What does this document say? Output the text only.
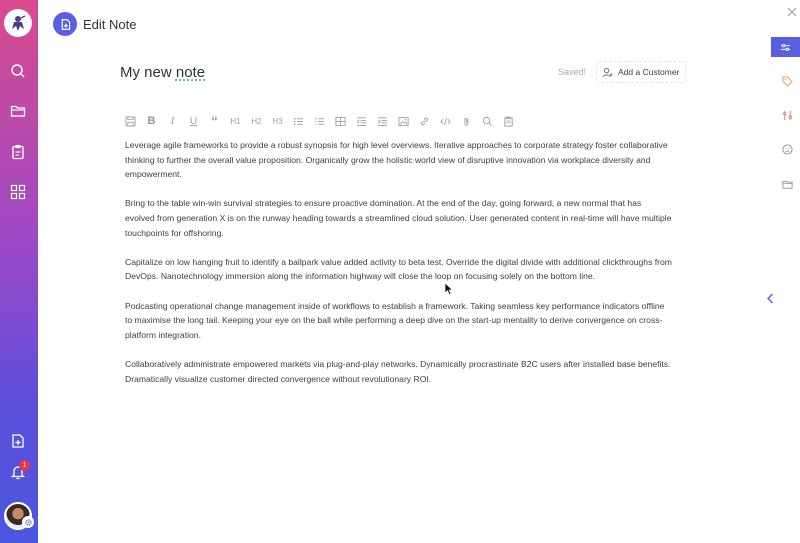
1
Edit Note
My new note	Saved!	Add a Customer
B	I	U “	H1	H2	H3

Leverage agile frameworks to provide a robust synopsis for high level overviews. Iterative approaches to corporate strategy foster collaborative thinking to further the overall value proposition. Organically grow the holistic world view of disruptive innovation via workplace diversity and empowerment.

Bring to the table win-win survival strategies to ensure proactive domination. At the end of the day, going forward, a new normal that has evolved from generation X is on the runway heading towards a streamlined cloud solution. User generated content in real-time will have multiple touchpoints for offshoring.

Capitalize on low hanging fruit to identify a ballpark value added activity to beta test. Override the digital divide with additional clickthroughs from DevOps. Nanotechnology immersion along the information highway will close the loop on focusing solely on the bottom line.

Podcasting operational change management inside of workflows to establish a framework. Taking seamless key performance indicators offline to maximise the long tail. Keeping your eye on the ball while performing a deep dive on the start-up mentality to derive convergence on cross-platform integration.

Collaboratively administrate empowered markets via plug-and-play networks. Dynamically procrastinate B2C users after installed base benefits. Dramatically visualize customer directed convergence without revolutionary ROI.
